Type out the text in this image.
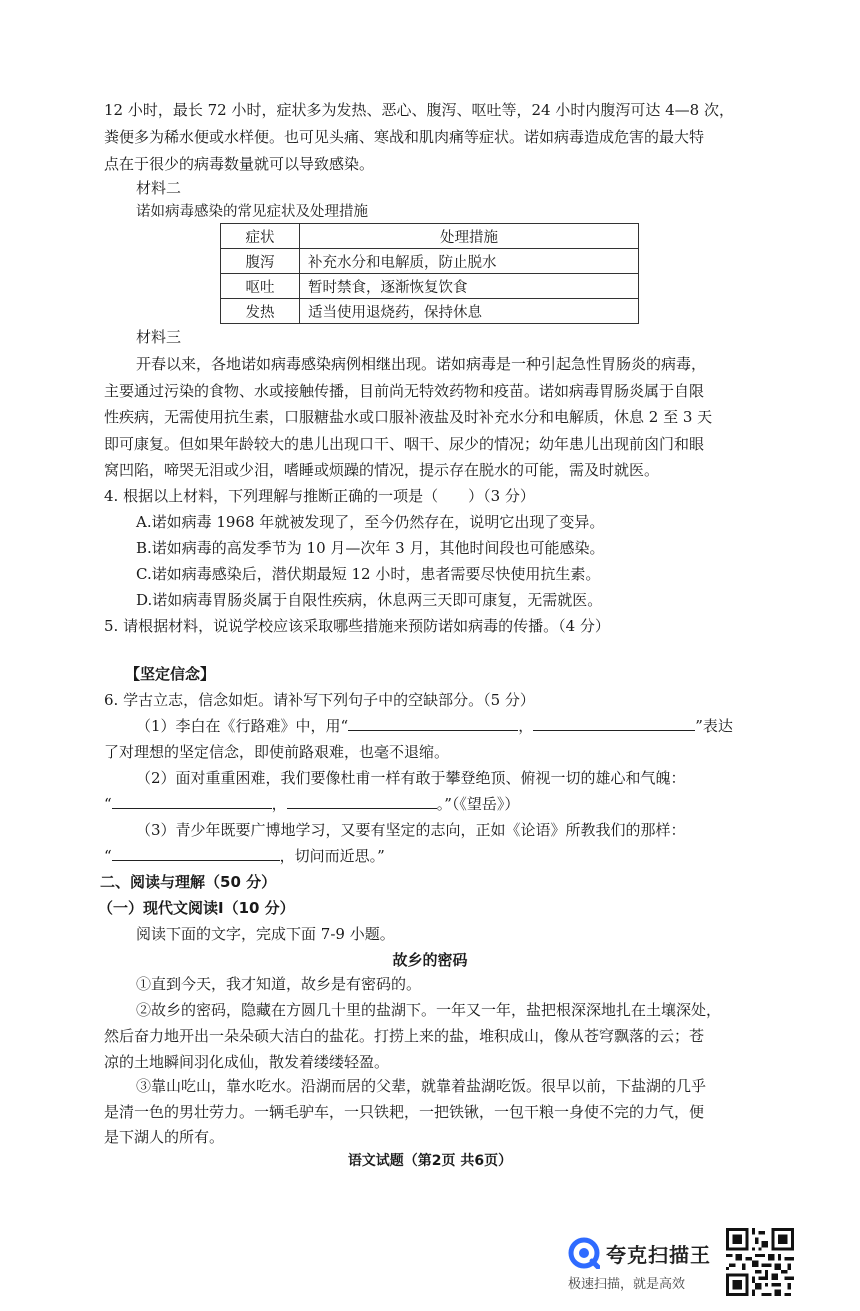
12 小时，最长 72 小时，症状多为发热、恶心、腹泻、呕吐等，24 小时内腹泻可达 4—8 次，
粪便多为稀水便或水样便。也可见头痛、寒战和肌肉痛等症状。诺如病毒造成危害的最大特
点在于很少的病毒数量就可以导致感染。
材料二
诺如病毒感染的常见症状及处理措施
症状	处理措施
腹泻	补充水分和电解质，防止脱水
呕吐	暂时禁食，逐渐恢复饮食
发热	适当使用退烧药，保持休息
材料三
开春以来，各地诺如病毒感染病例相继出现。诺如病毒是一种引起急性胃肠炎的病毒，
主要通过污染的食物、水或接触传播，目前尚无特效药物和疫苗。诺如病毒胃肠炎属于自限
性疾病，无需使用抗生素，口服糖盐水或口服补液盐及时补充水分和电解质，休息 2 至 3 天
即可康复。但如果年龄较大的患儿出现口干、咽干、尿少的情况；幼年患儿出现前囟门和眼
窝凹陷，啼哭无泪或少泪，嗜睡或烦躁的情况，提示存在脱水的可能，需及时就医。
4. 根据以上材料，下列理解与推断正确的一项是（　　）（3 分）
A.诺如病毒 1968 年就被发现了，至今仍然存在，说明它出现了变异。
B.诺如病毒的高发季节为 10 月—次年 3 月，其他时间段也可能感染。
C.诺如病毒感染后，潜伏期最短 12 小时，患者需要尽快使用抗生素。
D.诺如病毒胃肠炎属于自限性疾病，休息两三天即可康复，无需就医。
5. 请根据材料，说说学校应该采取哪些措施来预防诺如病毒的传播。（4 分）
【坚定信念】
6. 学古立志，信念如炬。请补写下列句子中的空缺部分。（5 分）
（1）李白在《行路难》中，用“	，	”表达
了对理想的坚定信念，即使前路艰难，也毫不退缩。
（2）面对重重困难，我们要像杜甫一样有敢于攀登绝顶、俯视一切的雄心和气魄：
“	，	。”（《望岳》）
（3）青少年既要广博地学习，又要有坚定的志向，正如《论语》所教我们的那样：
“	，切问而近思。”
二、阅读与理解（50 分）
（一）现代文阅读Ⅰ（10 分）
阅读下面的文字，完成下面 7-9 小题。
故乡的密码
①直到今天，我才知道，故乡是有密码的。
②故乡的密码，隐藏在方圆几十里的盐湖下。一年又一年，盐把根深深地扎在土壤深处，
然后奋力地开出一朵朵硕大洁白的盐花。打捞上来的盐，堆积成山，像从苍穹飘落的云；苍
凉的土地瞬间羽化成仙，散发着缕缕轻盈。
③靠山吃山，靠水吃水。沿湖而居的父辈，就靠着盐湖吃饭。很早以前，下盐湖的几乎
是清一色的男壮劳力。一辆毛驴车，一只铁耙，一把铁锹，一包干粮一身使不完的力气，便
是下湖人的所有。
语文试题（第2页 共6页）
夸克扫描王
极速扫描，就是高效
